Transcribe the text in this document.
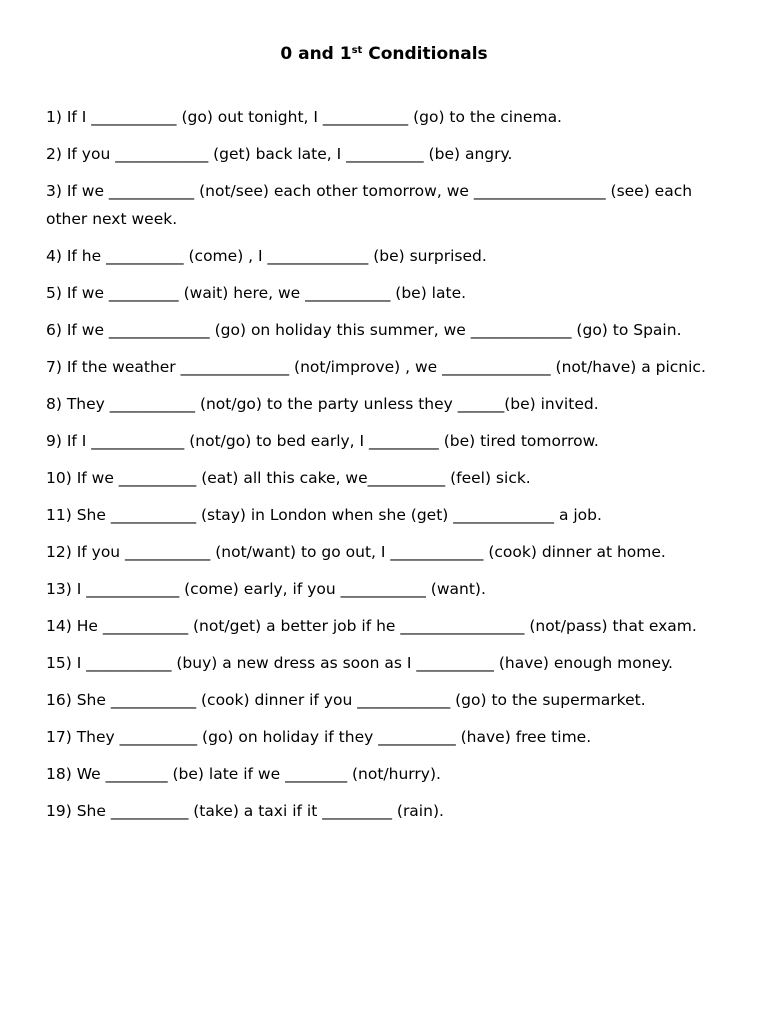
0 and 1st Conditionals
1) If I ___________ (go) out tonight, I ___________ (go) to the cinema.
2) If you ____________ (get) back late, I __________ (be) angry.
3) If we ___________ (not/see) each other tomorrow, we _________________ (see) each other next week.
4) If he __________ (come) , I _____________ (be) surprised.
5) If we _________ (wait) here, we ___________ (be) late.
6) If we _____________ (go) on holiday this summer, we _____________ (go) to Spain.
7) If the weather ______________ (not/improve) , we ______________ (not/have) a picnic.
8) They ___________ (not/go) to the party unless they ______(be) invited.
9) If I ____________ (not/go) to bed early, I _________ (be) tired tomorrow.
10) If we __________ (eat) all this cake, we__________ (feel) sick.
11) She ___________ (stay) in London when she (get) _____________ a job.
12) If you ___________ (not/want) to go out, I ____________ (cook) dinner at home.
13) I ____________ (come) early, if you ___________ (want).
14) He ___________ (not/get) a better job if he ________________ (not/pass) that exam.
15) I ___________ (buy) a new dress as soon as I __________ (have) enough money.
16) She ___________ (cook) dinner if you ____________ (go) to the supermarket.
17) They __________ (go) on holiday if they __________ (have) free time.
18) We ________ (be) late if we ________ (not/hurry).
19) She __________ (take) a taxi if it _________ (rain).
